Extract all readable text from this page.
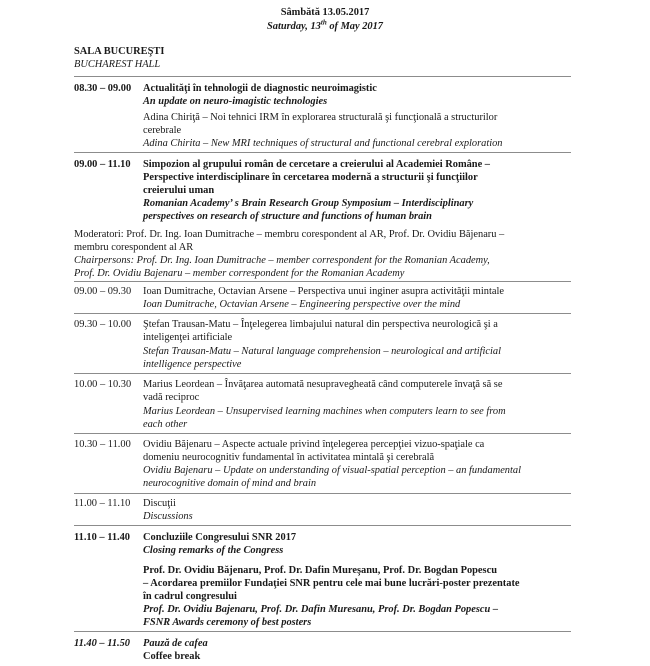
Sâmbătă 13.05.2017
Saturday, 13th of May 2017
SALA BUCUREŞTI
BUCHAREST HALL
08.30 – 09.00 Actualităţi în tehnologii de diagnostic neuroimagistic
An update on neuro-imagistic technologies
Adina Chiriţă – Noi tehnici IRM în explorarea structurală şi funcţională a structurilor
cerebrale
Adina Chirita – New MRI techniques of structural and functional cerebral exploration
09.00 – 11.10 Simpozion al grupului român de cercetare a creierului al Academiei Române –
Perspective interdisciplinare în cercetarea modernă a structurii şi funcţiilor
creierului uman
Romanian Academy’ s Brain Research Group Symposium – Interdisciplinary
perspectives on research of structure and functions of human brain
Moderatori: Prof. Dr. Ing. Ioan Dumitrache – membru corespondent al AR, Prof. Dr. Ovidiu Băjenaru –
membru corespondent al AR
Chairpersons: Prof. Dr. Ing. Ioan Dumitrache – member correspondent for the Romanian Academy,
Prof. Dr. Ovidiu Bajenaru – member correspondent for the Romanian Academy
09.00 – 09.30 Ioan Dumitrache, Octavian Arsene – Perspectiva unui inginer asupra activităţii mintale
Ioan Dumitrache, Octavian Arsene – Engineering perspective over the mind
09.30 – 10.00 Ştefan Trausan-Matu – Înţelegerea limbajului natural din perspectiva neurologică şi a
inteligenţei artificiale
Stefan Trausan-Matu – Natural language comprehension – neurological and artificial
intelligence perspective
10.00 – 10.30 Marius Leordean – Învăţarea automată nesupravegheată când computerele învaţă să se
vadă reciproc
Marius Leordean – Unsupervised learning machines when computers learn to see from
each other
10.30 – 11.00 Ovidiu Băjenaru – Aspecte actuale privind înţelegerea percepţiei vizuo-spaţiale ca
domeniu neurocognitiv fundamental în activitatea mintală şi cerebrală
Ovidiu Bajenaru – Update on understanding of visual-spatial perception – an fundamental
neurocognitive domain of mind and brain
11.00 – 11.10 Discuţii
Discussions
11.10 – 11.40 Concluziile Congresului SNR 2017
Closing remarks of the Congress
Prof. Dr. Ovidiu Băjenaru, Prof. Dr. Dafin Mureşanu, Prof. Dr. Bogdan Popescu
– Acordarea premiilor Fundaţiei SNR pentru cele mai bune lucrări-poster prezentate
în cadrul congresului
Prof. Dr. Ovidiu Bajenaru, Prof. Dr. Dafin Muresanu, Prof. Dr. Bogdan Popescu –
FSNR Awards ceremony of best posters
11.40 – 11.50 Pauză de cafea
Coffee break
